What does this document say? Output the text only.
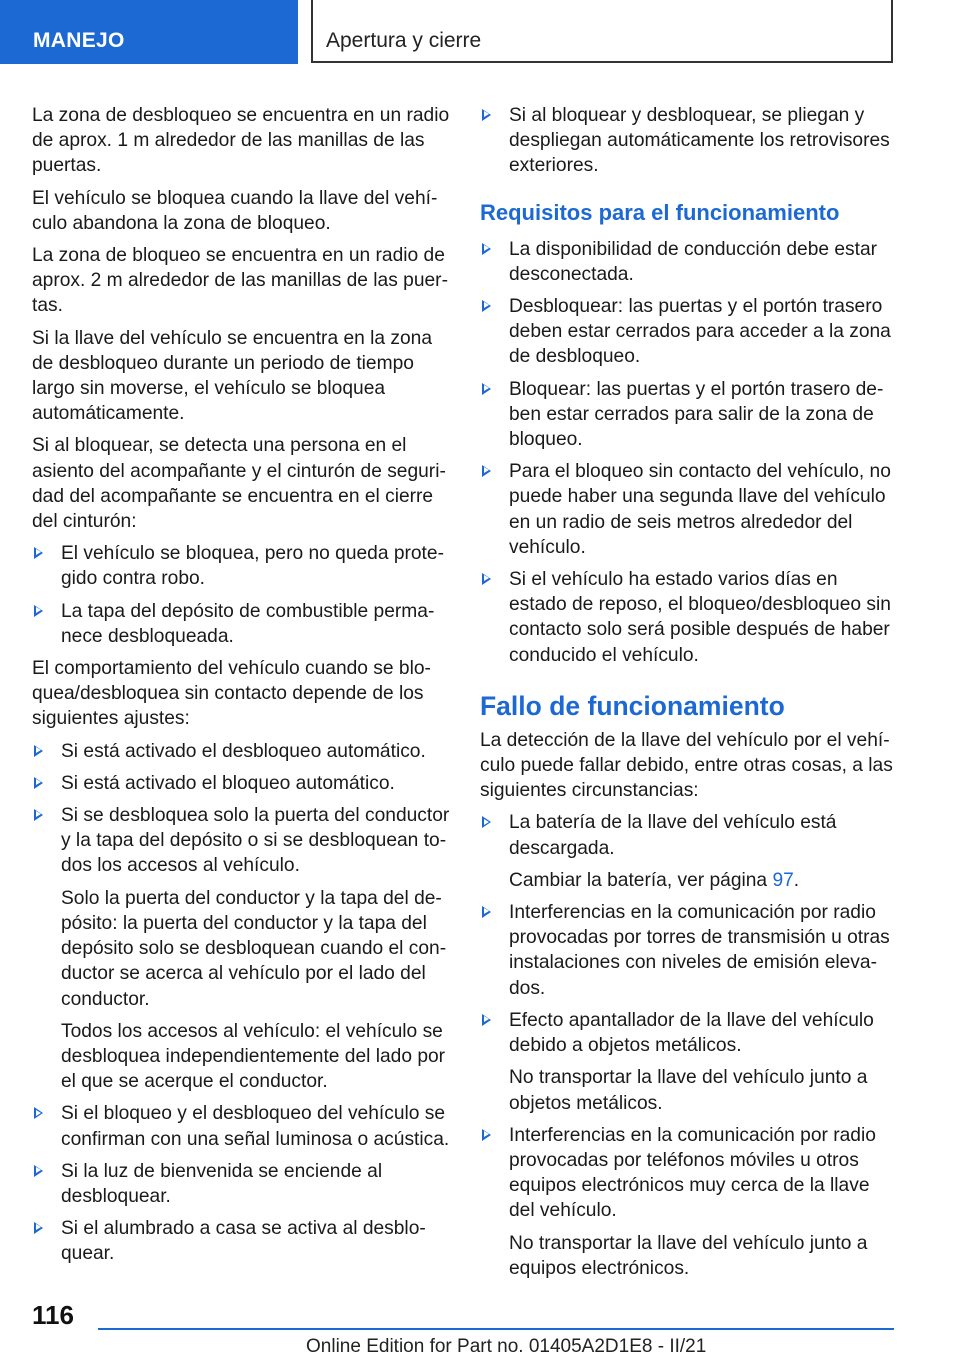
MANEJO	Apertura y cierre

La zona de desbloqueo se encuentra en un radio de aprox. 1 m alrededor de las manillas de las puertas.

El vehículo se bloquea cuando la llave del vehículo abandona la zona de bloqueo.

La zona de bloqueo se encuentra en un radio de aprox. 2 m alrededor de las manillas de las puertas.

Si la llave del vehículo se encuentra en la zona de desbloqueo durante un periodo de tiempo largo sin moverse, el vehículo se bloquea automáticamente.

Si al bloquear, se detecta una persona en el asiento del acompañante y el cinturón de seguridad del acompañante se encuentra en el cierre del cinturón:

El vehículo se bloquea, pero no queda protegido contra robo.
La tapa del depósito de combustible permanece desbloqueada.

El comportamiento del vehículo cuando se bloquea/desbloquea sin contacto depende de los siguientes ajustes:

Si está activado el desbloqueo automático.
Si está activado el bloqueo automático.
Si se desbloquea solo la puerta del conductor y la tapa del depósito o si se desbloquean todos los accesos al vehículo.

Solo la puerta del conductor y la tapa del depósito: la puerta del conductor y la tapa del depósito solo se desbloquean cuando el conductor se acerca al vehículo por el lado del conductor.

Todos los accesos al vehículo: el vehículo se desbloquea independientemente del lado por el que se acerque el conductor.

Si el bloqueo y el desbloqueo del vehículo se confirman con una señal luminosa o acústica.
Si la luz de bienvenida se enciende al desbloquear.
Si el alumbrado a casa se activa al desbloquear.
Si al bloquear y desbloquear, se pliegan y despliegan automáticamente los retrovisores exteriores.
Requisitos para el funcionamiento
La disponibilidad de conducción debe estar desconectada.
Desbloquear: las puertas y el portón trasero deben estar cerrados para acceder a la zona de desbloqueo.
Bloquear: las puertas y el portón trasero deben estar cerrados para salir de la zona de bloqueo.
Para el bloqueo sin contacto del vehículo, no puede haber una segunda llave del vehículo en un radio de seis metros alrededor del vehículo.
Si el vehículo ha estado varios días en estado de reposo, el bloqueo/desbloqueo sin contacto solo será posible después de haber conducido el vehículo.
Fallo de funcionamiento

La detección de la llave del vehículo por el vehículo puede fallar debido, entre otras cosas, a las siguientes circunstancias:

La batería de la llave del vehículo está descargada.

Cambiar la batería, ver página 97.

Interferencias en la comunicación por radio provocadas por torres de transmisión u otras instalaciones con niveles de emisión elevados.
Efecto apantallador de la llave del vehículo debido a objetos metálicos.

No transportar la llave del vehículo junto a objetos metálicos.

Interferencias en la comunicación por radio provocadas por teléfonos móviles u otros equipos electrónicos muy cerca de la llave del vehículo.

No transportar la llave del vehículo junto a equipos electrónicos.

116
Online Edition for Part no. 01405A2D1E8 - II/21
